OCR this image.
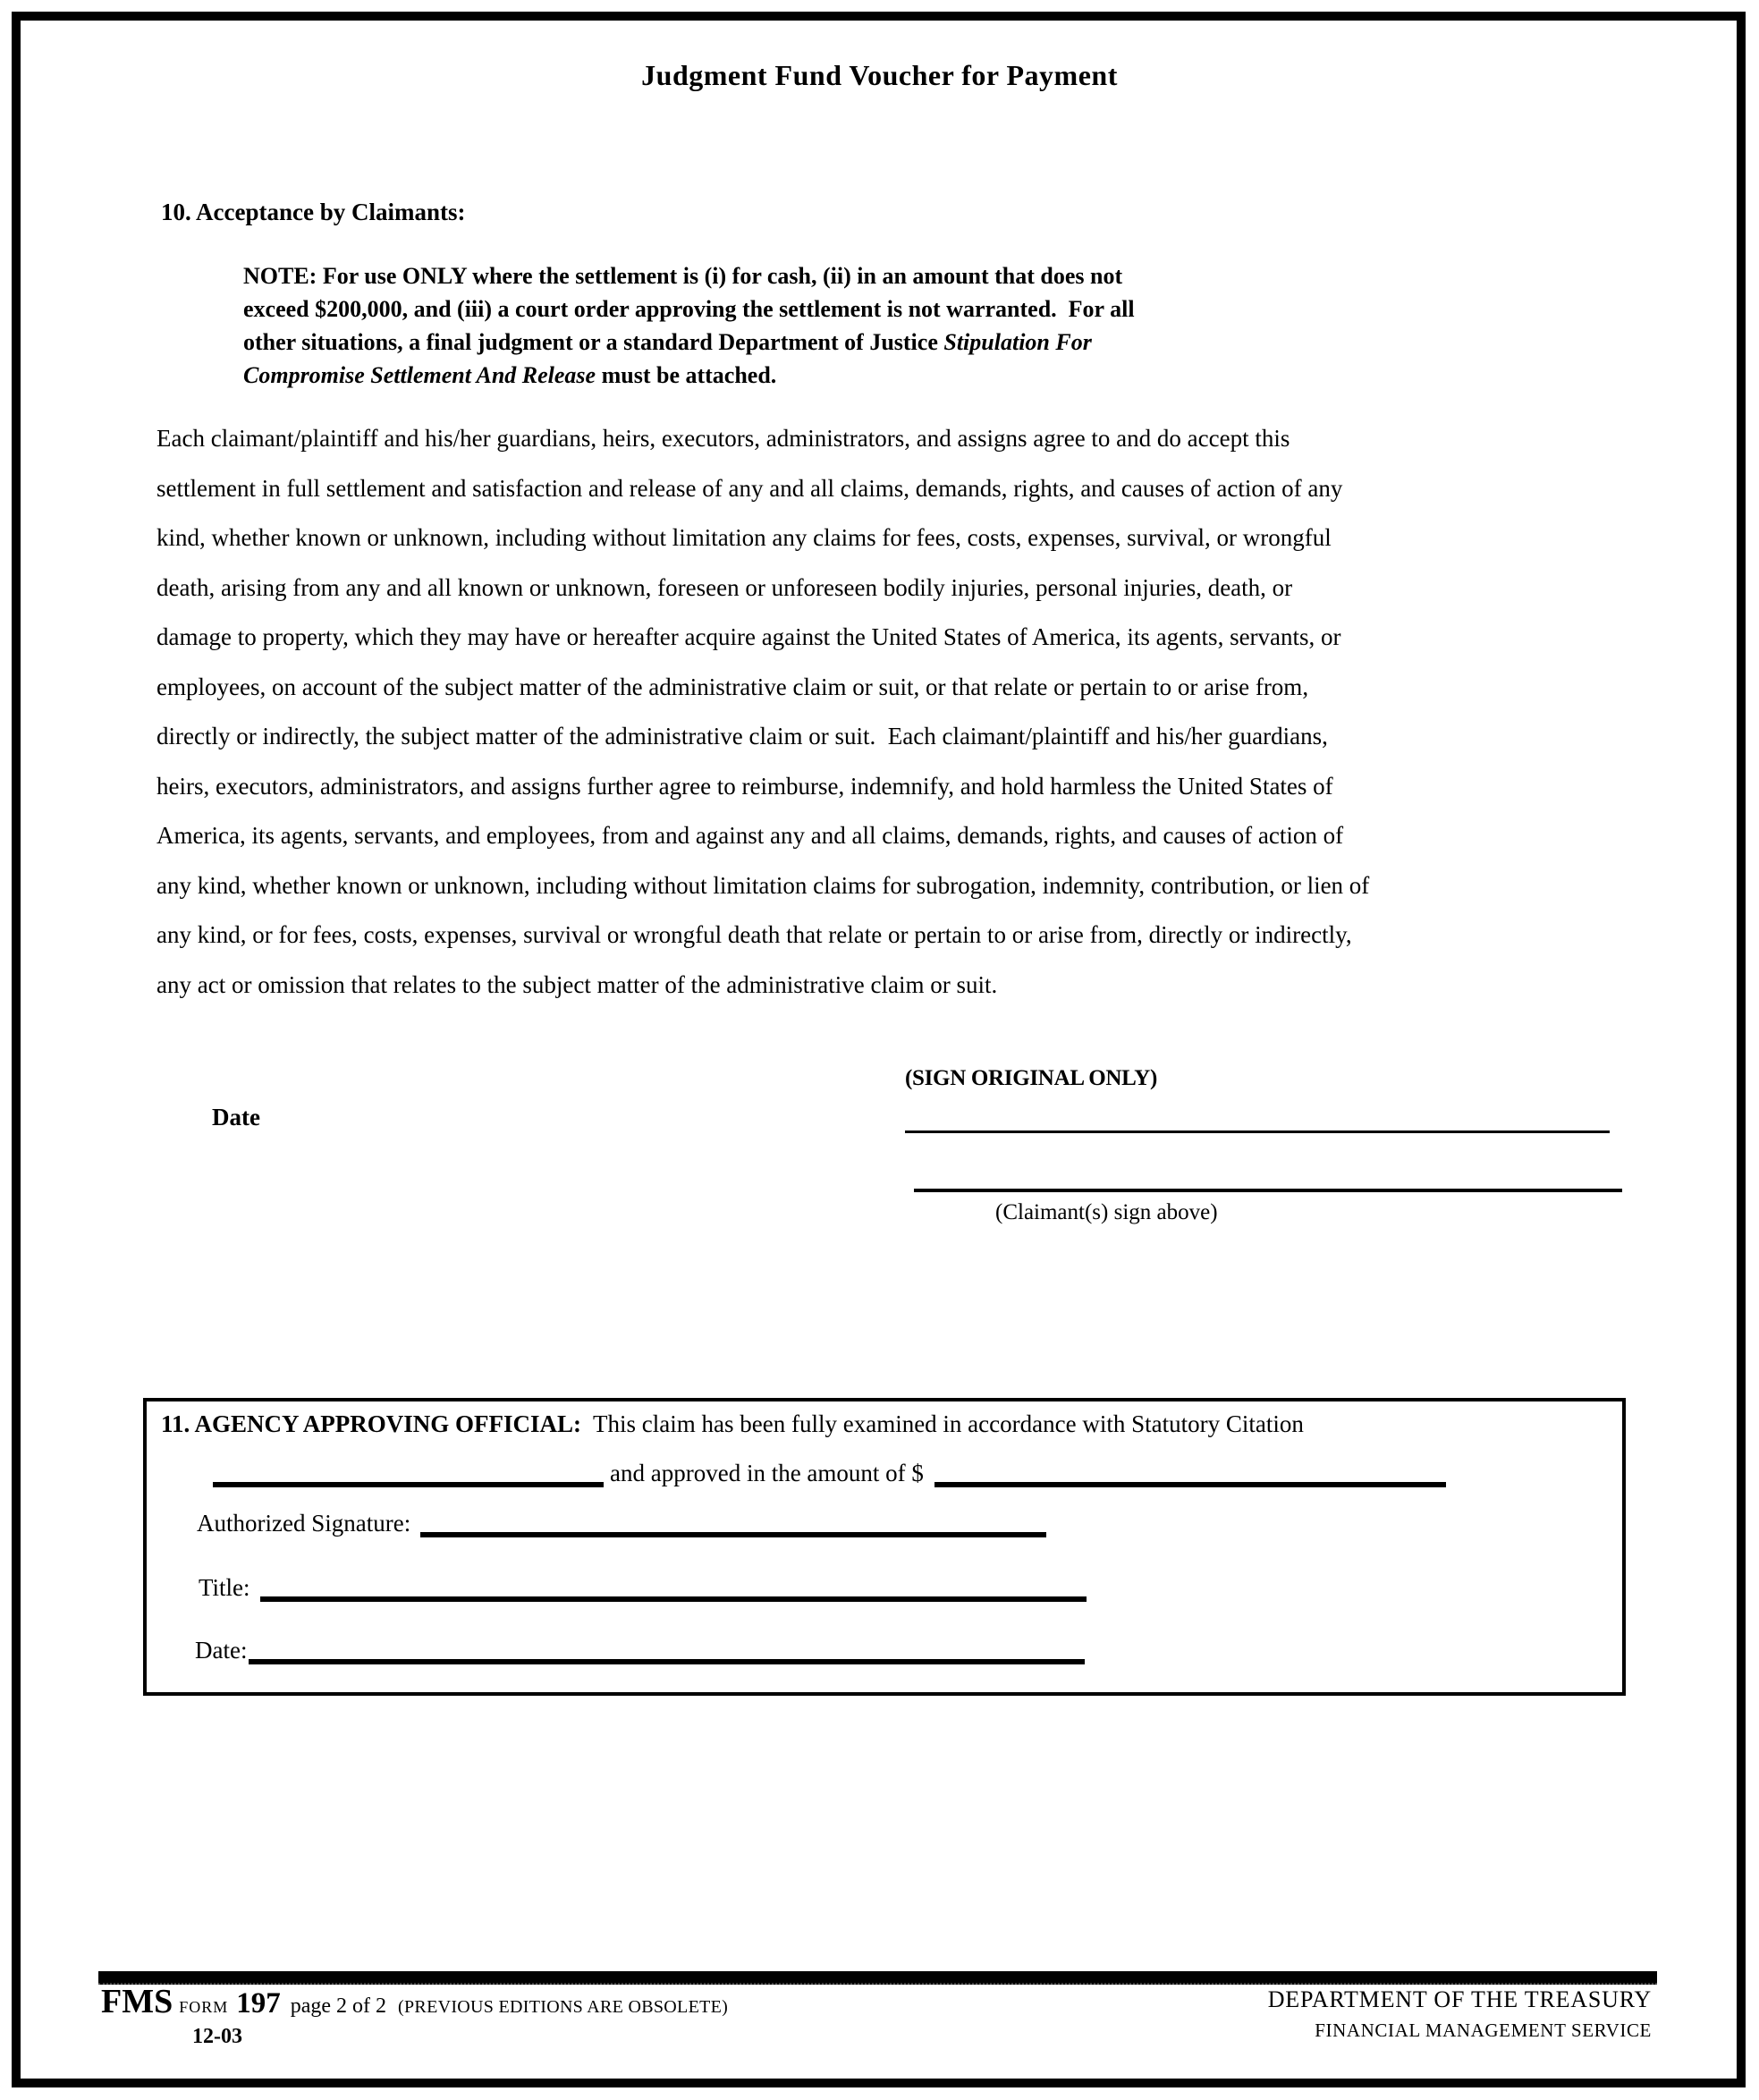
Judgment Fund Voucher for Payment
10. Acceptance by Claimants:
NOTE: For use ONLY where the settlement is (i) for cash, (ii) in an amount that does not
exceed $200,000, and (iii) a court order approving the settlement is not warranted.  For all
other situations, a final judgment or a standard Department of Justice Stipulation For
Compromise Settlement And Release must be attached.
Each claimant/plaintiff and his/her guardians, heirs, executors, administrators, and assigns agree to and do accept this
settlement in full settlement and satisfaction and release of any and all claims, demands, rights, and causes of action of any
kind, whether known or unknown, including without limitation any claims for fees, costs, expenses, survival, or wrongful
death, arising from any and all known or unknown, foreseen or unforeseen bodily injuries, personal injuries, death, or
damage to property, which they may have or hereafter acquire against the United States of America, its agents, servants, or
employees, on account of the subject matter of the administrative claim or suit, or that relate or pertain to or arise from,
directly or indirectly, the subject matter of the administrative claim or suit.  Each claimant/plaintiff and his/her guardians,
heirs, executors, administrators, and assigns further agree to reimburse, indemnify, and hold harmless the United States of
America, its agents, servants, and employees, from and against any and all claims, demands, rights, and causes of action of
any kind, whether known or unknown, including without limitation claims for subrogation, indemnity, contribution, or lien of
any kind, or for fees, costs, expenses, survival or wrongful death that relate or pertain to or arise from, directly or indirectly,
any act or omission that relates to the subject matter of the administrative claim or suit.
(SIGN ORIGINAL ONLY)
Date
(Claimant(s) sign above)
11. AGENCY APPROVING OFFICIAL:  This claim has been fully examined in accordance with Statutory Citation
and approved in the amount of $
Authorized Signature:
Title:
Date:
FMS FORM 197 page 2 of 2 (PREVIOUS EDITIONS ARE OBSOLETE)
12-03
DEPARTMENT OF THE TREASURY
FINANCIAL MANAGEMENT SERVICE
